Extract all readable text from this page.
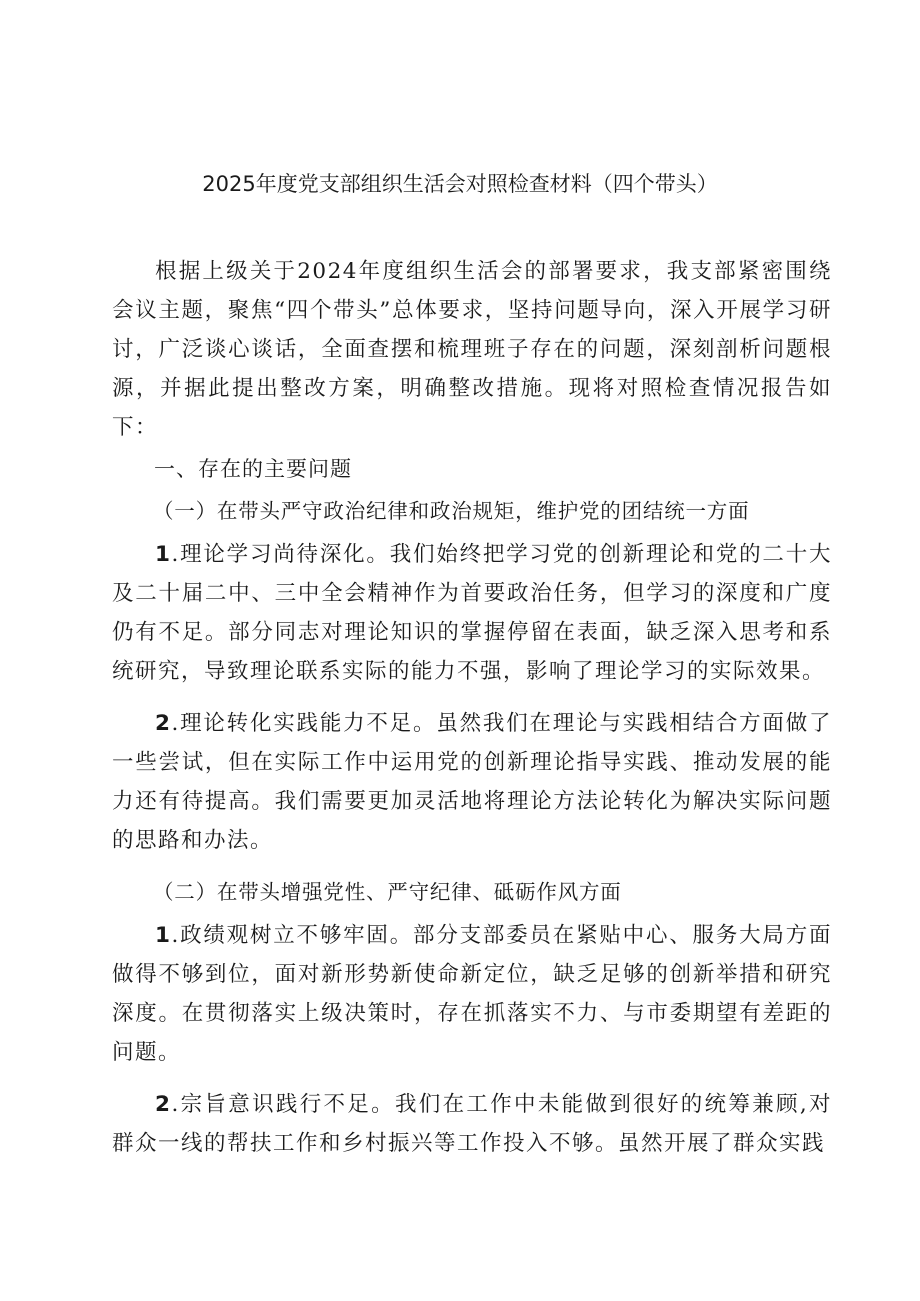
2025年度党支部组织生活会对照检查材料（四个带头）

根据上级关于2024年度组织生活会的部署要求，我支部紧密围绕会议主题，聚焦“四个带头”总体要求，坚持问题导向，深入开展学习研讨，广泛谈心谈话，全面查摆和梳理班子存在的问题，深刻剖析问题根源，并据此提出整改方案，明确整改措施。现将对照检查情况报告如下：

一、存在的主要问题

（一）在带头严守政治纪律和政治规矩，维护党的团结统一方面

1.理论学习尚待深化。我们始终把学习党的创新理论和党的二十大及二十届二中、三中全会精神作为首要政治任务，但学习的深度和广度仍有不足。部分同志对理论知识的掌握停留在表面，缺乏深入思考和系统研究，导致理论联系实际的能力不强，影响了理论学习的实际效果。

2.理论转化实践能力不足。虽然我们在理论与实践相结合方面做了一些尝试，但在实际工作中运用党的创新理论指导实践、推动发展的能力还有待提高。我们需要更加灵活地将理论方法论转化为解决实际问题的思路和办法。

（二）在带头增强党性、严守纪律、砥砺作风方面

1.政绩观树立不够牢固。部分支部委员在紧贴中心、服务大局方面做得不够到位，面对新形势新使命新定位，缺乏足够的创新举措和研究深度。在贯彻落实上级决策时，存在抓落实不力、与市委期望有差距的问题。

2.宗旨意识践行不足。我们在工作中未能做到很好的统筹兼顾,对群众一线的帮扶工作和乡村振兴等工作投入不够。虽然开展了群众实践
